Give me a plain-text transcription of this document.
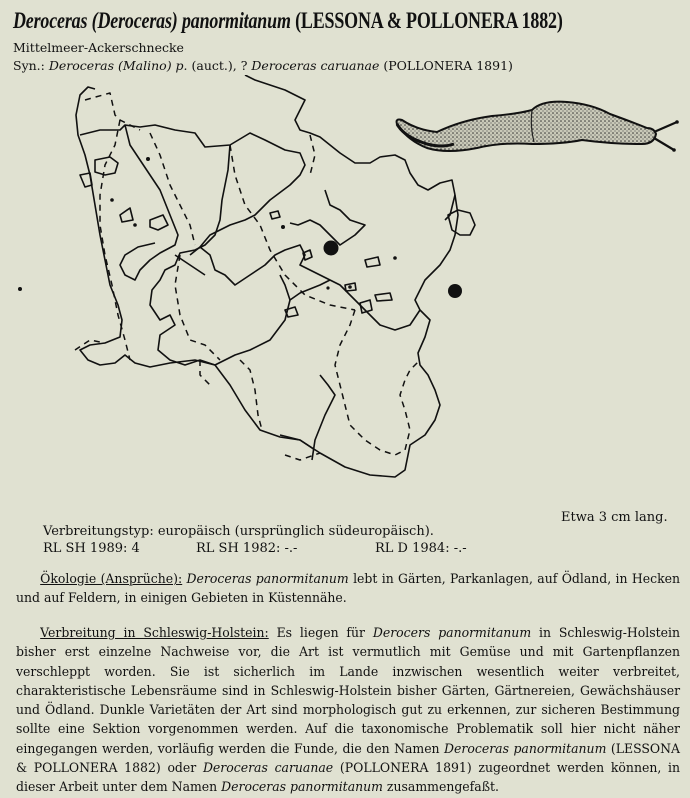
Deroceras (Deroceras) panormitanum (LESSONA & POLLONERA 1882)
Mittelmeer-Ackerschnecke
Syn.: Deroceras (Malino) p. (auct.), ? Deroceras caruanae (POLLONERA 1891)
Etwa 3 cm lang.
Verbreitungstyp: europäisch (ursprünglich südeuropäisch).
RL SH 1989: 4	RL SH 1982: -.-	RL D 1984: -.-
Ökologie (Ansprüche): Deroceras panormitanum lebt in Gärten, Parkanlagen, auf Ödland, in Hecken und auf Feldern, in einigen Gebieten in Küstennähe.
Verbreitung in Schleswig-Holstein: Es liegen für Derocers panormitanum in Schleswig-Holstein bisher erst einzelne Nachweise vor, die Art ist vermutlich mit Gemüse und mit Gartenpflanzen verschleppt worden. Sie ist sicherlich im Lande inzwischen wesentlich weiter verbreitet, charakteristische Lebensräume sind in Schleswig-Holstein bisher Gärten, Gärtnereien, Gewächshäuser und Ödland. Dunkle Varietäten der Art sind morphologisch gut zu erkennen, zur sicheren Bestimmung sollte eine Sektion vorgenommen werden. Auf die taxonomische Problematik soll hier nicht näher eingegangen werden, vorläufig werden die Funde, die den Namen Deroceras panormitanum (LESSONA & POLLONERA 1882) oder Deroceras caruanae (POLLONERA 1891) zugeordnet werden können, in dieser Arbeit unter dem Namen Deroceras panormitanum zusammengefaßt.
